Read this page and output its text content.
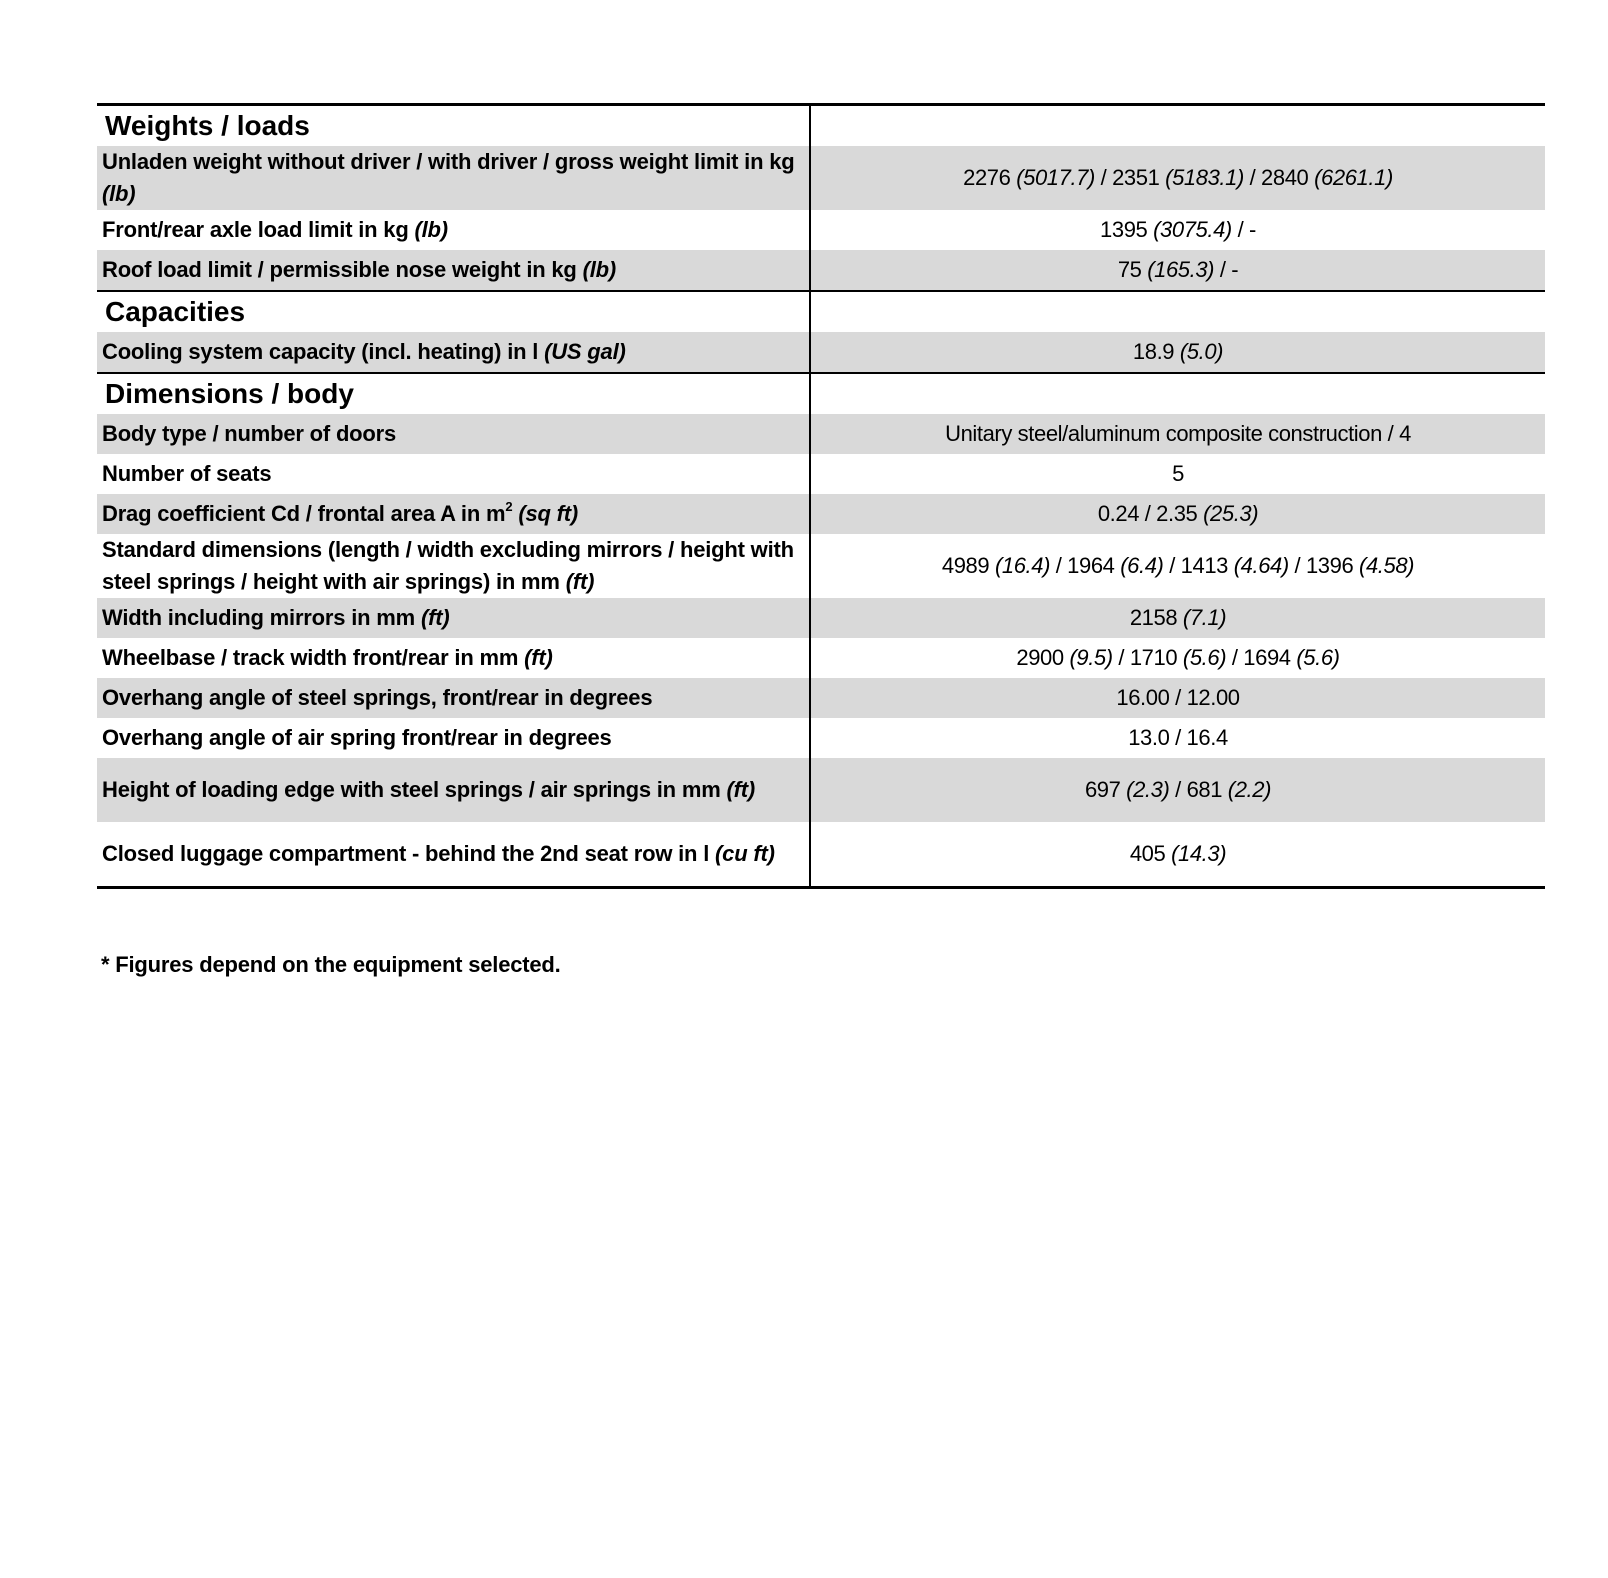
Weights / loads	
Unladen weight without driver / with driver / gross weight limit in kg (lb)	2276 (5017.7) / 2351 (5183.1) / 2840 (6261.1)
Front/rear axle load limit in kg (lb)	1395 (3075.4) / -
Roof load limit / permissible nose weight in kg (lb)	75 (165.3) / -
Capacities	
Cooling system capacity (incl. heating) in l (US gal)	18.9 (5.0)
Dimensions / body	
Body type / number of doors	Unitary steel/aluminum composite construction / 4
Number of seats	5
Drag coefficient Cd / frontal area A in $m^2$ (sq ft)	0.24 / 2.35 (25.3)
Standard dimensions (length / width excluding mirrors / height with steel springs / height with air springs) in mm (ft)	4989 (16.4) / 1964 (6.4) / 1413 (4.64) / 1396 (4.58)
Width including mirrors in mm (ft)	2158 (7.1)
Wheelbase / track width front/rear in mm (ft)	2900 (9.5) / 1710 (5.6) / 1694 (5.6)
Overhang angle of steel springs, front/rear in degrees	16.00 / 12.00
Overhang angle of air spring front/rear in degrees	13.0 / 16.4
Height of loading edge with steel springs / air springs in mm (ft)	697 (2.3) / 681 (2.2)
Closed luggage compartment - behind the 2nd seat row in l (cu ft)	405 (14.3)

* Figures depend on the equipment selected.
